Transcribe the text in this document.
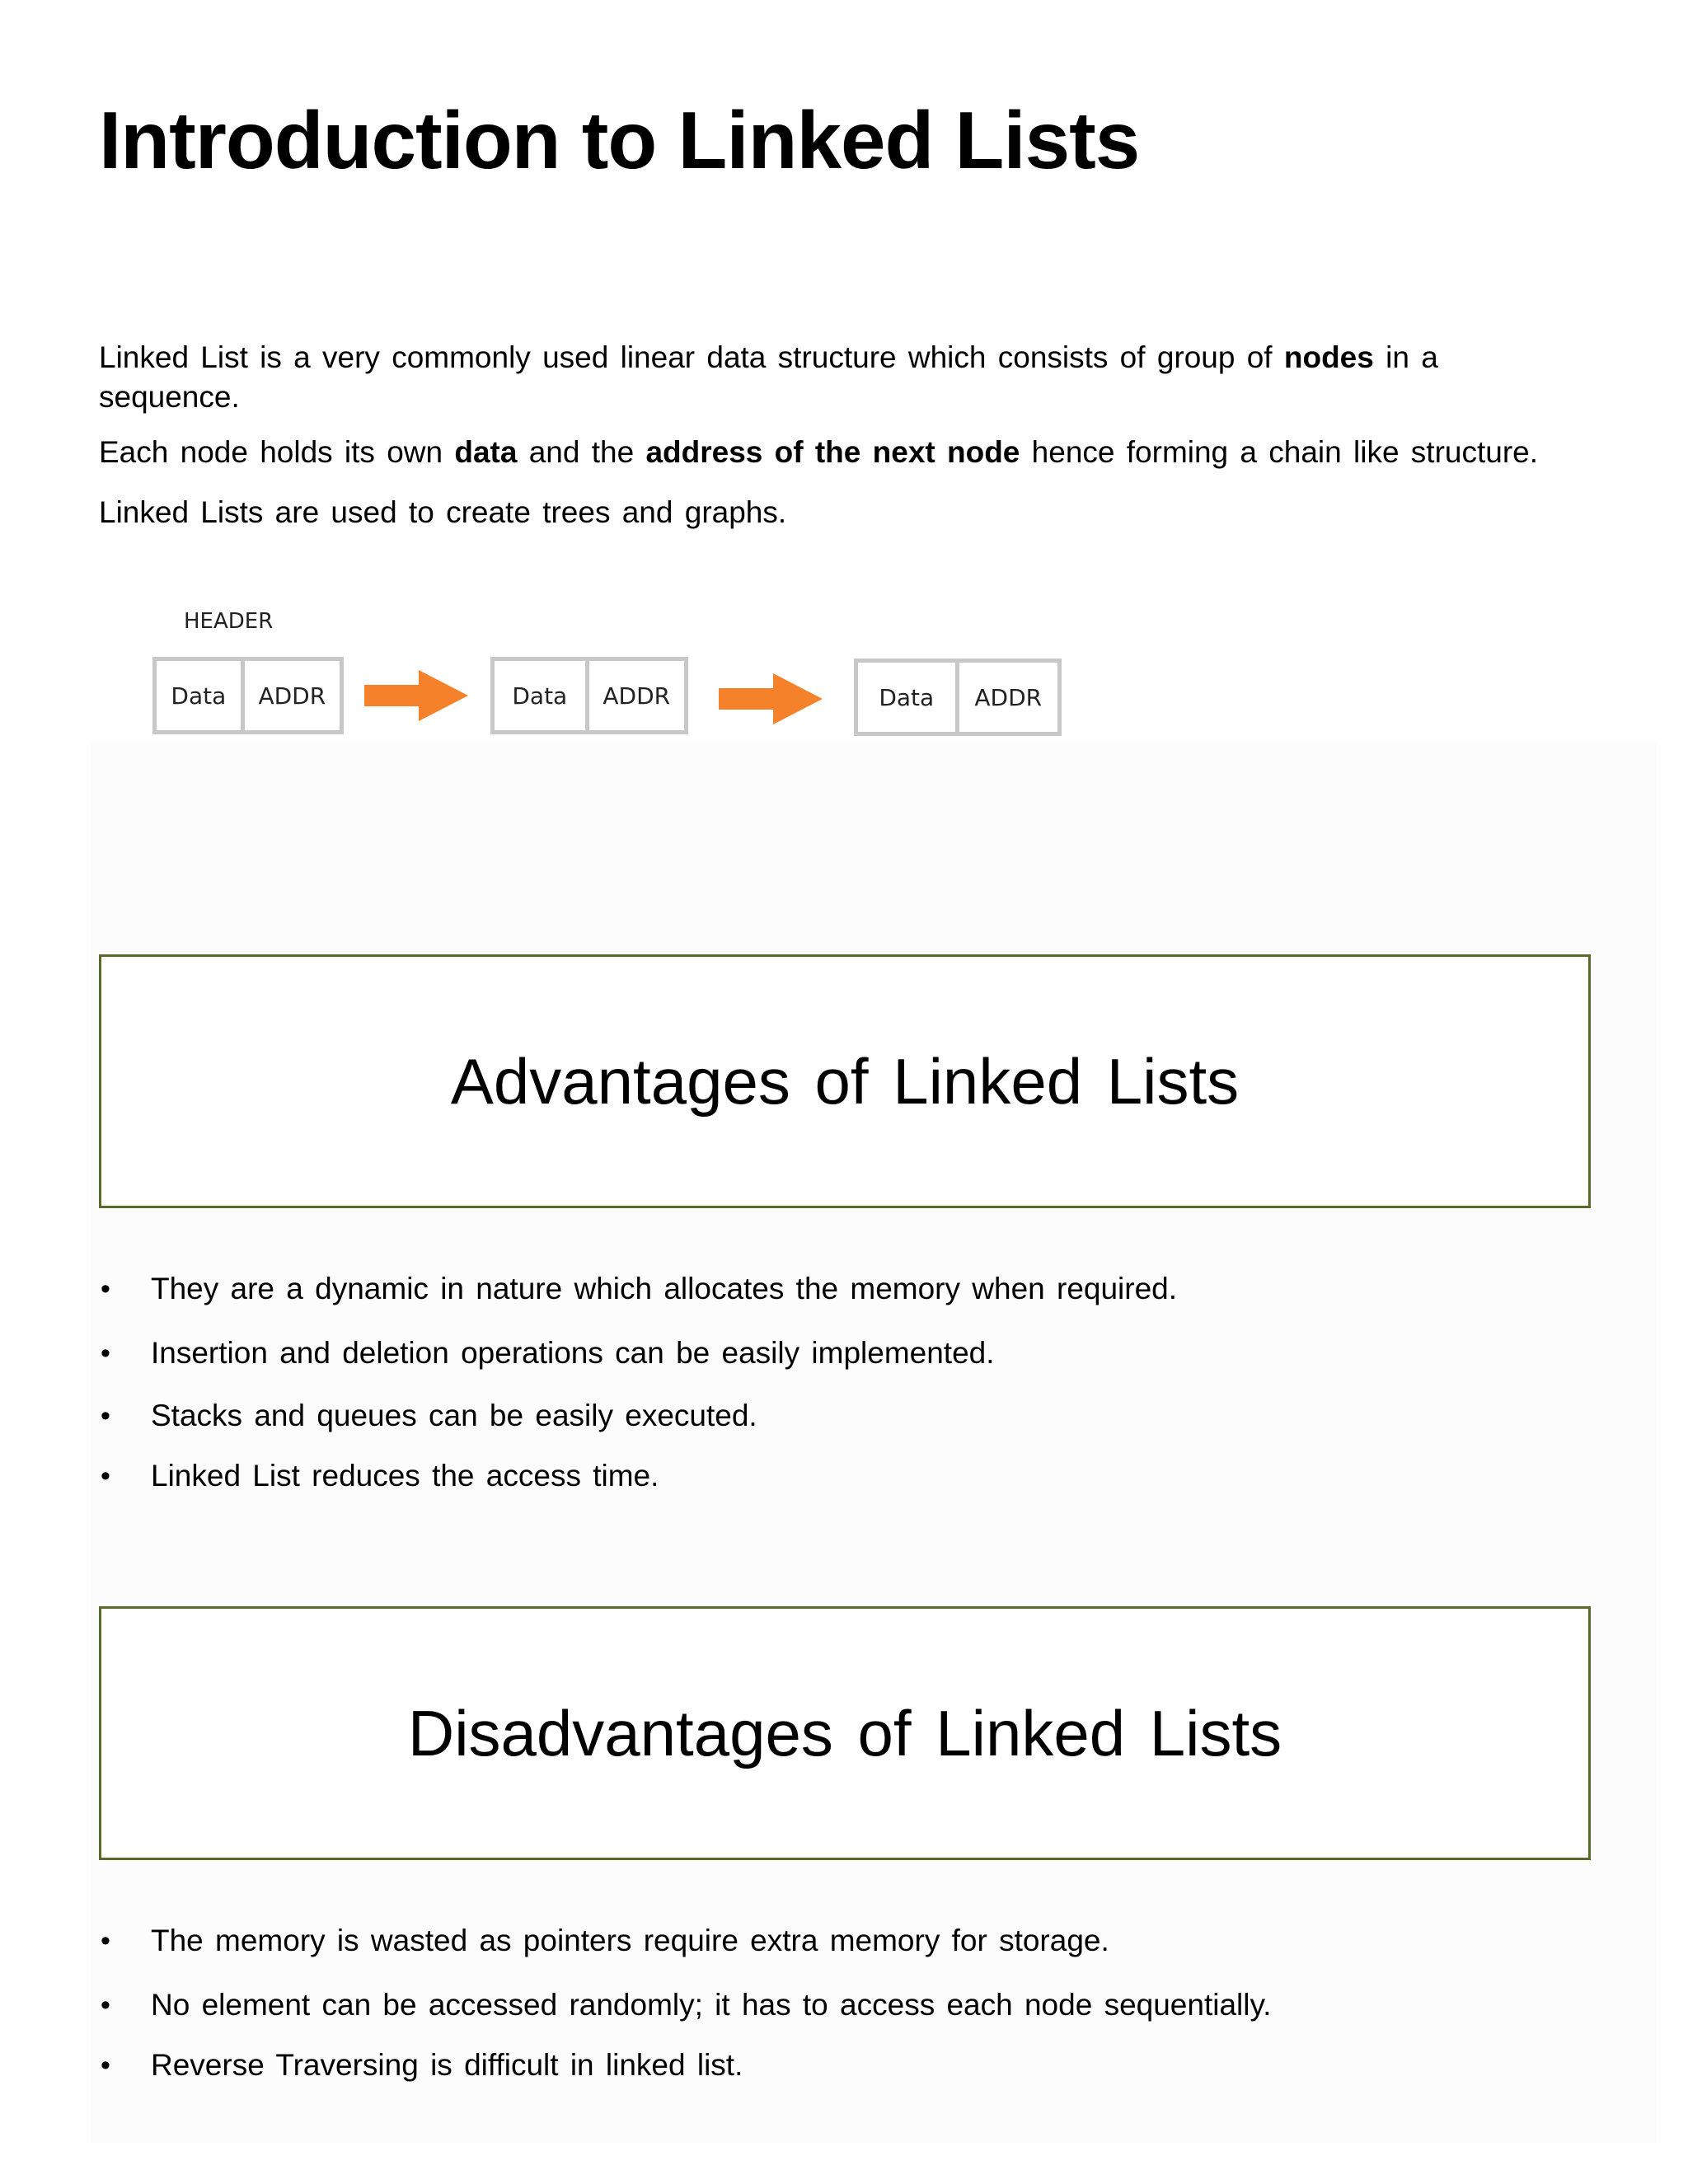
Introduction to Linked Lists

Linked List is a very commonly used linear data structure which consists of group of nodes in a sequence.

Each node holds its own data and the address of the next node hence forming a chain like structure.

Linked Lists are used to create trees and graphs.

HEADER
Data	ADDR	Data	ADDR	Data	ADDR
Advantages of Linked Lists
• They are a dynamic in nature which allocates the memory when required.
• Insertion and deletion operations can be easily implemented.
• Stacks and queues can be easily executed.
• Linked List reduces the access time.
Disadvantages of Linked Lists
• The memory is wasted as pointers require extra memory for storage.
• No element can be accessed randomly; it has to access each node sequentially.
• Reverse Traversing is difficult in linked list.
